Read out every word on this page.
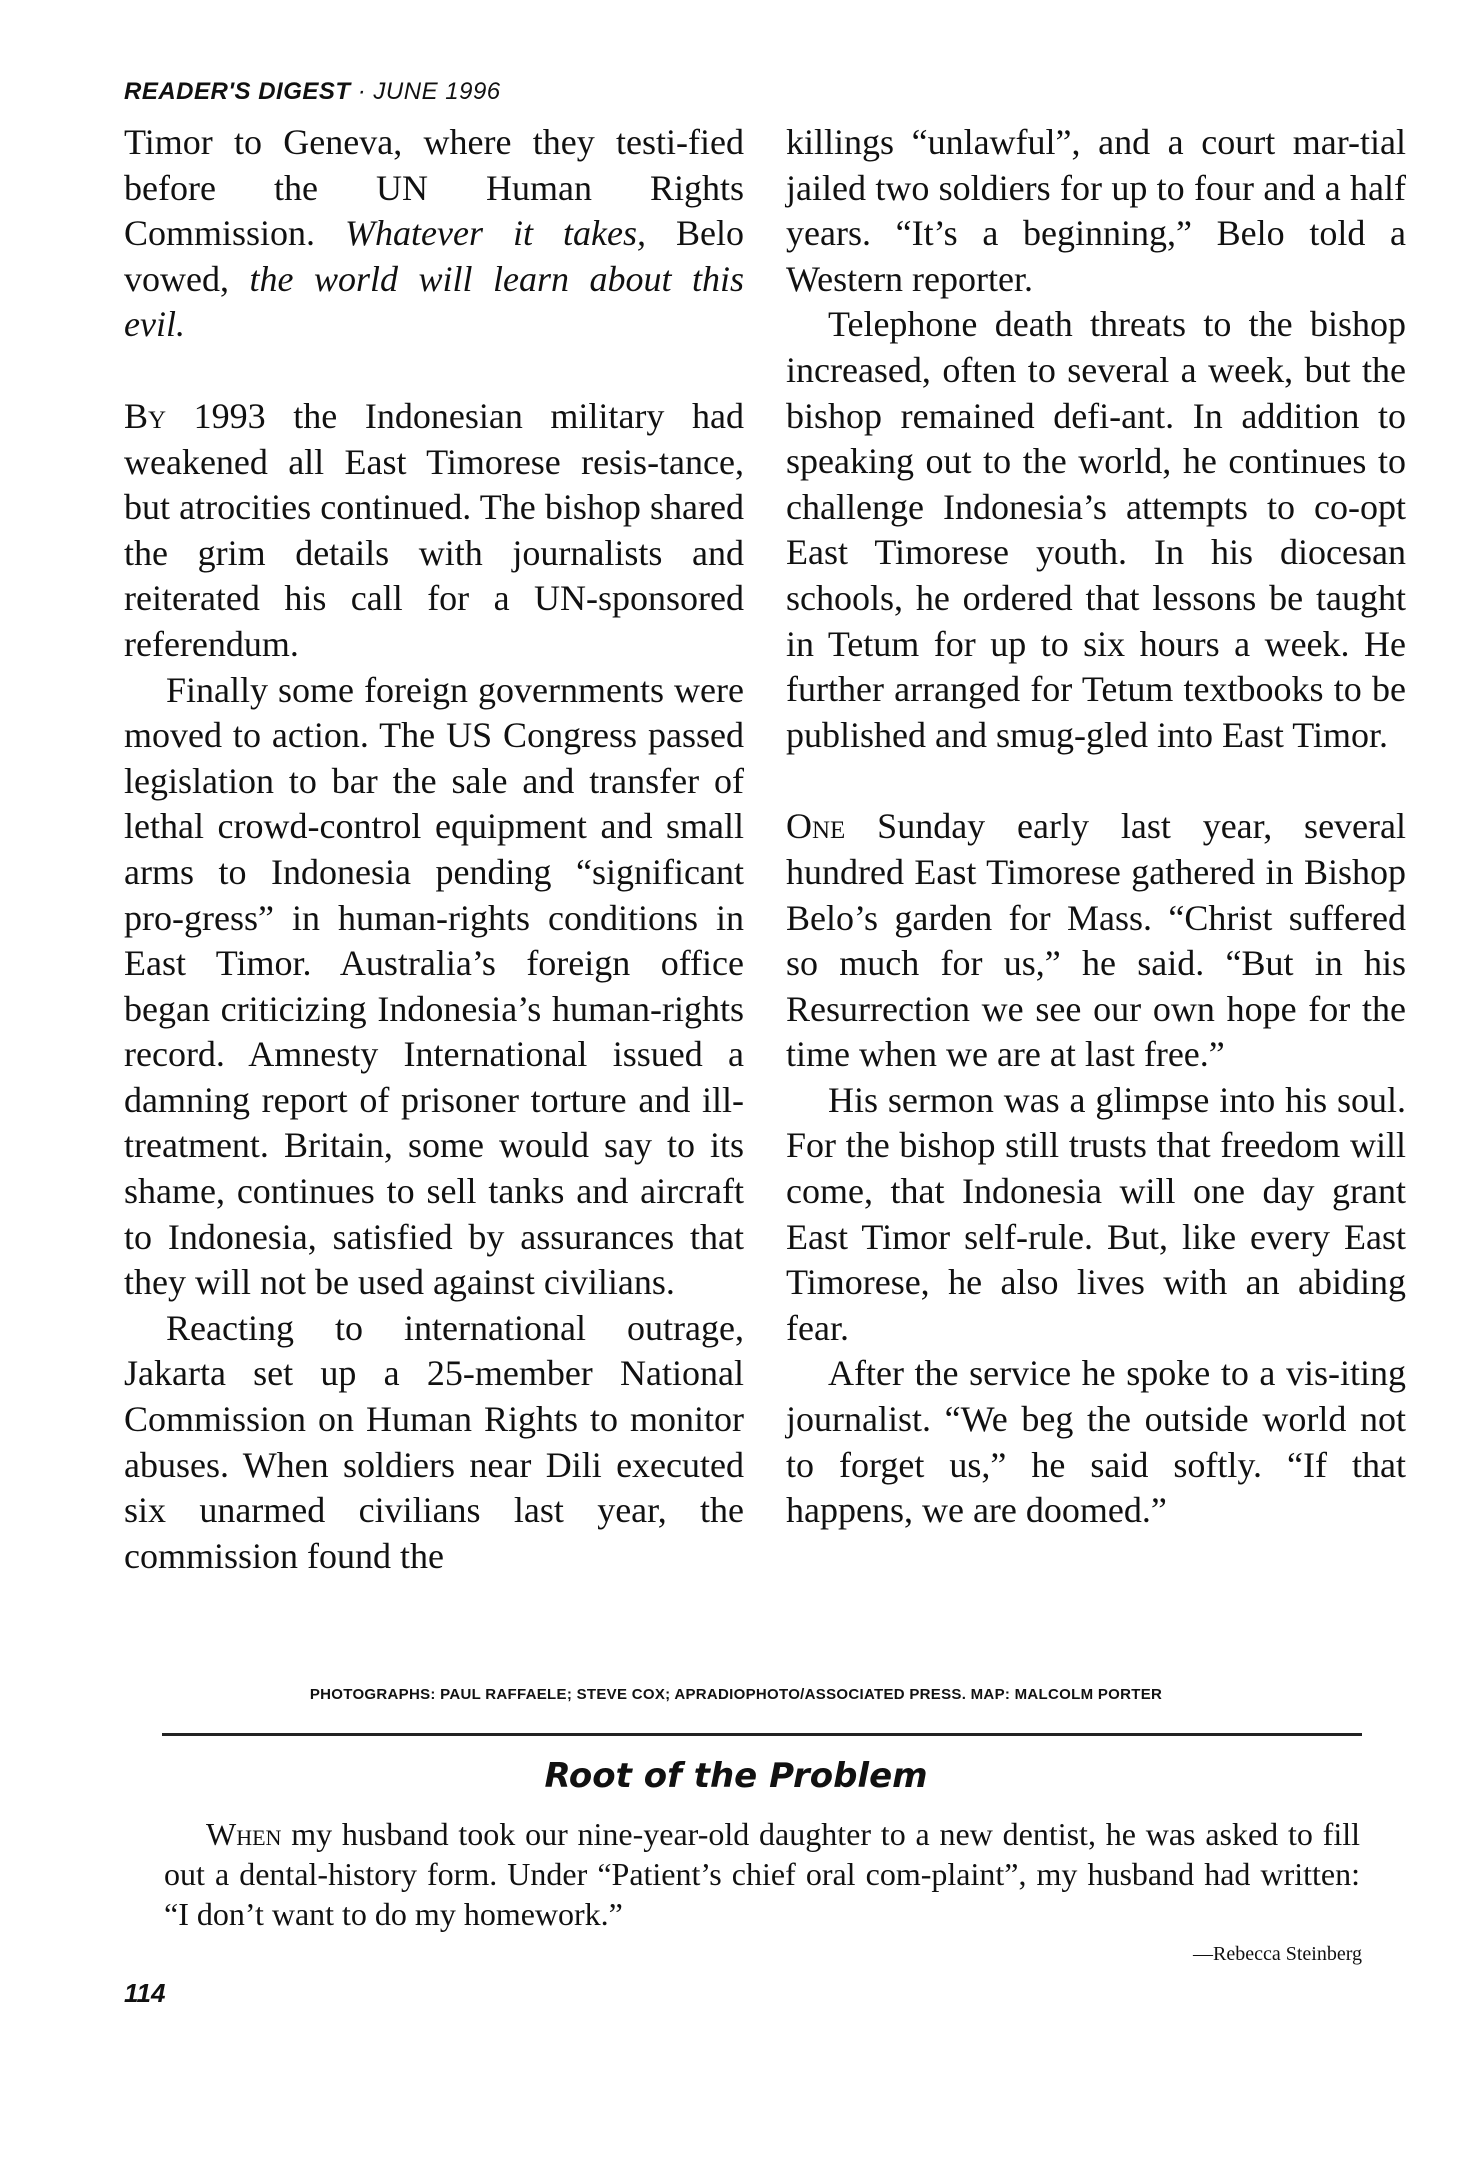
READER'S DIGEST · JUNE 1996

Timor to Geneva, where they testi-fied before the UN Human Rights Commission. Whatever it takes, Belo vowed, the world will learn about this evil.

By 1993 the Indonesian military had weakened all East Timorese resis-tance, but atrocities continued. The bishop shared the grim details with journalists and reiterated his call for a UN-sponsored referendum.

Finally some foreign governments were moved to action. The US Congress passed legislation to bar the sale and transfer of lethal crowd-control equipment and small arms to Indonesia pending “significant pro-gress” in human-rights conditions in East Timor. Australia’s foreign office began criticizing Indonesia’s human-rights record. Amnesty International issued a damning report of prisoner torture and ill-treatment. Britain, some would say to its shame, continues to sell tanks and aircraft to Indonesia, satisfied by assurances that they will not be used against civilians.

Reacting to international outrage, Jakarta set up a 25-member National Commission on Human Rights to monitor abuses. When soldiers near Dili executed six unarmed civilians last year, the commission found the

killings “unlawful”, and a court mar-tial jailed two soldiers for up to four and a half years. “It’s a beginning,” Belo told a Western reporter.

Telephone death threats to the bishop increased, often to several a week, but the bishop remained defi-ant. In addition to speaking out to the world, he continues to challenge Indonesia’s attempts to co-opt East Timorese youth. In his diocesan schools, he ordered that lessons be taught in Tetum for up to six hours a week. He further arranged for Tetum textbooks to be published and smug-gled into East Timor.

One Sunday early last year, several hundred East Timorese gathered in Bishop Belo’s garden for Mass. “Christ suffered so much for us,” he said. “But in his Resurrection we see our own hope for the time when we are at last free.”

His sermon was a glimpse into his soul. For the bishop still trusts that freedom will come, that Indonesia will one day grant East Timor self-rule. But, like every East Timorese, he also lives with an abiding fear.

After the service he spoke to a vis-iting journalist. “We beg the outside world not to forget us,” he said softly. “If that happens, we are doomed.”

PHOTOGRAPHS: PAUL RAFFAELE; STEVE COX; APRADIOPHOTO/ASSOCIATED PRESS. MAP: MALCOLM PORTER
Root of the Problem

When my husband took our nine-year-old daughter to a new dentist, he was asked to fill out a dental-history form. Under “Patient’s chief oral com-plaint”, my husband had written: “I don’t want to do my homework.”

—Rebecca Steinberg
114
